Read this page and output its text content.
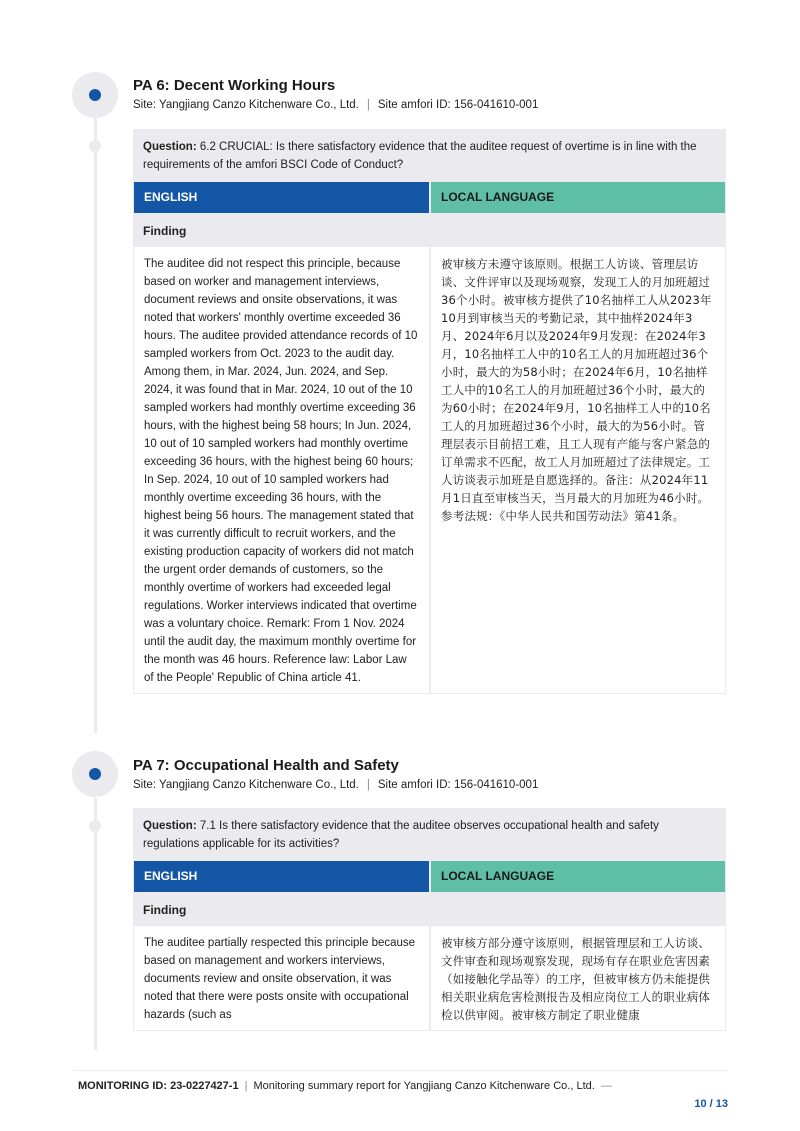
PA 6: Decent Working Hours
Site: Yangjiang Canzo Kitchenware Co., Ltd. | Site amfori ID: 156-041610-001
Question: 6.2 CRUCIAL: Is there satisfactory evidence that the auditee request of overtime is in line with the requirements of the amfori BSCI Code of Conduct?
ENGLISH	LOCAL LANGUAGE
Finding
The auditee did not respect this principle, because based on worker and management interviews, document reviews and onsite observations, it was noted that workers' monthly overtime exceeded 36 hours. The auditee provided attendance records of 10 sampled workers from Oct. 2023 to the audit day. Among them, in Mar. 2024, Jun. 2024, and Sep. 2024, it was found that in Mar. 2024, 10 out of the 10 sampled workers had monthly overtime exceeding 36 hours, with the highest being 58 hours; In Jun. 2024, 10 out of 10 sampled workers had monthly overtime exceeding 36 hours, with the highest being 60 hours; In Sep. 2024, 10 out of 10 sampled workers had monthly overtime exceeding 36 hours, with the highest being 56 hours. The management stated that it was currently difficult to recruit workers, and the existing production capacity of workers did not match the urgent order demands of customers, so the monthly overtime of workers had exceeded legal regulations. Worker interviews indicated that overtime was a voluntary choice. Remark: From 1 Nov. 2024 until the audit day, the maximum monthly overtime for the month was 46 hours. Reference law: Labor Law of the People' Republic of China article 41.
被审核方未遵守该原则。根据工人访谈、管理层访谈、文件评审以及现场观察，发现工人的月加班超过36个小时。被审核方提供了10名抽样工人从2023年10月到审核当天的考勤记录，其中抽样2024年3月、2024年6月以及2024年9月发现：在2024年3月，10名抽样工人中的10名工人的月加班超过36个小时，最大的为58小时；在2024年6月，10名抽样工人中的10名工人的月加班超过36个小时，最大的为60小时；在2024年9月，10名抽样工人中的10名工人的月加班超过36个小时，最大的为56小时。管理层表示目前招工难，且工人现有产能与客户紧急的订单需求不匹配，故工人月加班超过了法律规定。工人访谈表示加班是自愿选择的。备注：从2024年11月1日直至审核当天，当月最大的月加班为46小时。 参考法规：《中华人民共和国劳动法》第41条。
PA 7: Occupational Health and Safety
Site: Yangjiang Canzo Kitchenware Co., Ltd. | Site amfori ID: 156-041610-001
Question: 7.1 Is there satisfactory evidence that the auditee observes occupational health and safety regulations applicable for its activities?
ENGLISH	LOCAL LANGUAGE
Finding
The auditee partially respected this principle because based on management and workers interviews, documents review and onsite observation, it was noted that there were posts onsite with occupational hazards (such as
被审核方部分遵守该原则，根据管理层和工人访谈、文件审查和现场观察发现，现场有存在职业危害因素（如接触化学品等）的工序，但被审核方仍未能提供相关职业病危害检测报告及相应岗位工人的职业病体检以供审阅。被审核方制定了职业健康
MONITORING ID: 23-0227427-1 | Monitoring summary report for Yangjiang Canzo Kitchenware Co., Ltd. —
10 / 13
